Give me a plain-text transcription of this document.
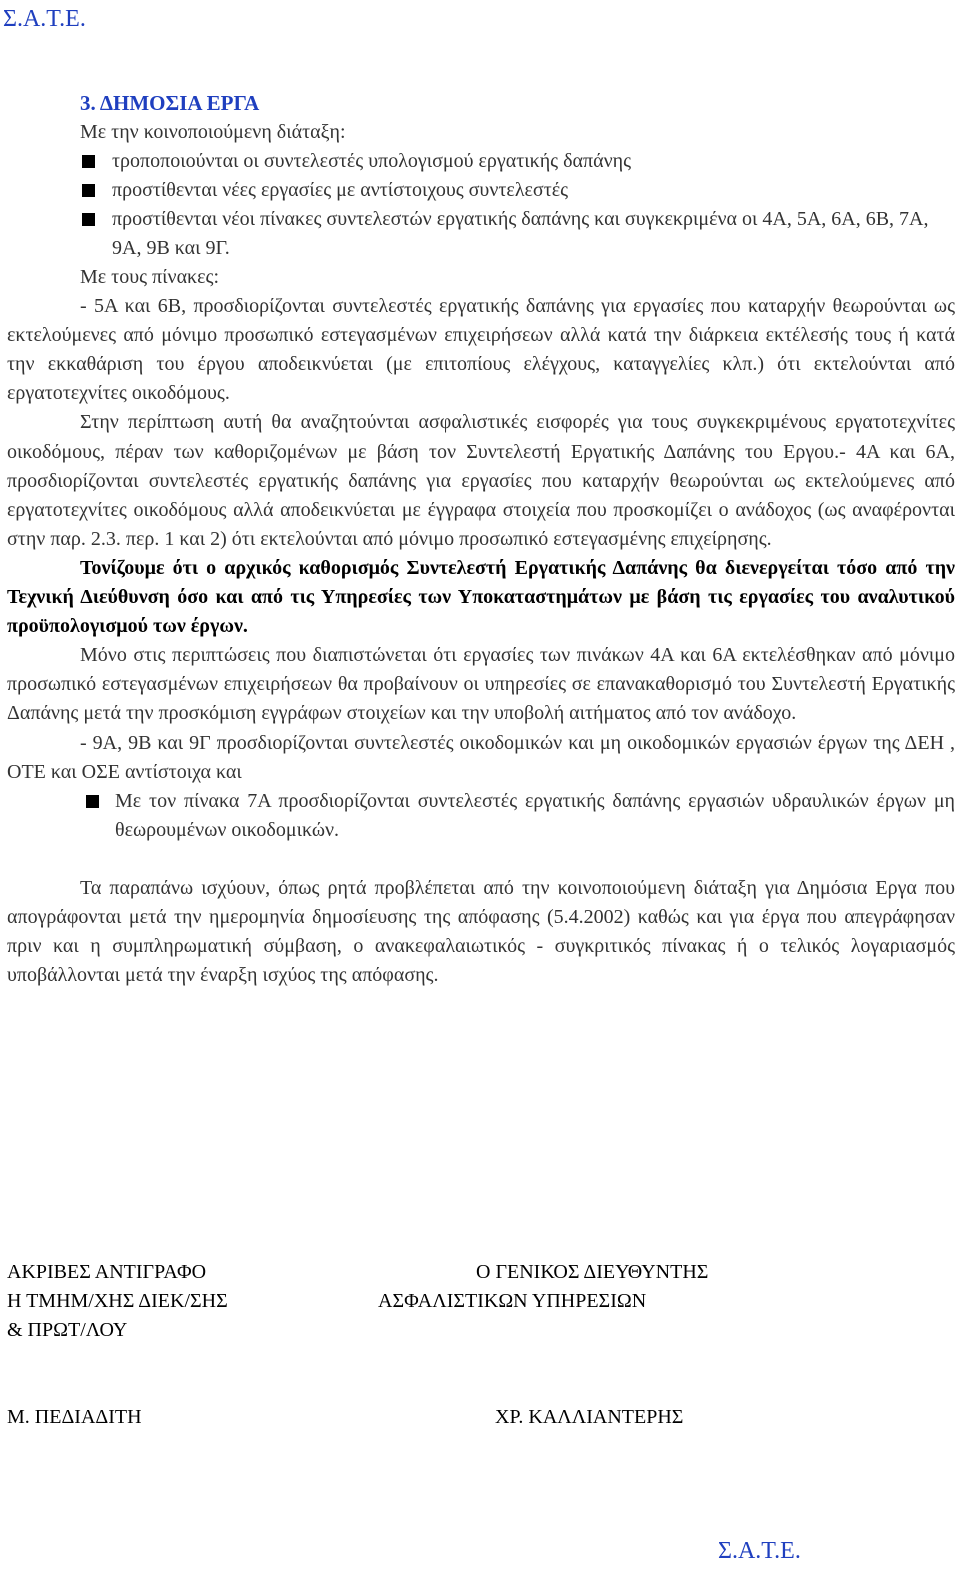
Σ.Α.Τ.Ε.
3. ΔΗΜΟΣΙΑ ΕΡΓΑ
Με την κοινοποιούμενη διάταξη:
τροποποιούνται οι συντελεστές υπολογισμού εργατικής δαπάνης
προστίθενται νέες εργασίες με αντίστοιχους συντελεστές
προστίθενται νέοι πίνακες συντελεστών εργατικής δαπάνης και συγκεκριμένα οι 4Α, 5Α, 6Α, 6Β, 7Α, 9Α, 9Β και 9Γ.

Με τους πίνακες:

- 5Α και 6Β, προσδιορίζονται συντελεστές εργατικής δαπάνης για εργασίες που καταρχήν θεωρούνται ως εκτελούμενες από μόνιμο προσωπικό εστεγασμένων επιχειρήσεων αλλά κατά την διάρκεια εκτέλεσής τους ή κατά την εκκαθάριση του έργου αποδεικνύεται (με επιτοπίους ελέγχους, καταγγελίες κλπ.) ότι εκτελούνται από εργατοτεχνίτες οικοδόμους.

Στην περίπτωση αυτή θα αναζητούνται ασφαλιστικές εισφορές για τους συγκεκριμένους εργατοτεχνίτες οικοδόμους, πέραν των καθοριζομένων με βάση τον Συντελεστή Εργατικής Δαπάνης του Εργου.- 4Α και 6Α, προσδιορίζονται συντελεστές εργατικής δαπάνης για εργασίες που καταρχήν θεωρούνται ως εκτελούμενες από εργατοτεχνίτες οικοδόμους αλλά αποδεικνύεται με έγγραφα στοιχεία που προσκομίζει ο ανάδοχος (ως αναφέρονται στην παρ. 2.3. περ. 1 και 2) ότι εκτελούνται από μόνιμο προσωπικό εστεγασμένης επιχείρησης.

Τονίζουμε ότι ο αρχικός καθορισμός Συντελεστή Εργατικής Δαπάνης θα διενεργείται τόσο από την Τεχνική Διεύθυνση όσο και από τις Υπηρεσίες των Υποκαταστημάτων με βάση τις εργασίες του αναλυτικού προϋπολογισμού των έργων.

Μόνο στις περιπτώσεις που διαπιστώνεται ότι εργασίες των πινάκων 4Α και 6Α εκτελέσθηκαν από μόνιμο προσωπικό εστεγασμένων επιχειρήσεων θα προβαίνουν οι υπηρεσίες σε επανακαθορισμό του Συντελεστή Εργατικής Δαπάνης μετά την προσκόμιση εγγράφων στοιχείων και την υποβολή αιτήματος από τον ανάδοχο.

- 9Α, 9Β και 9Γ προσδιορίζονται συντελεστές οικοδομικών και μη οικοδομικών εργασιών έργων της ΔΕΗ , ΟΤΕ και ΟΣΕ αντίστοιχα και

Με τον πίνακα 7Α προσδιορίζονται συντελεστές εργατικής δαπάνης εργασιών υδραυλικών έργων μη θεωρουμένων οικοδομικών.

Τα παραπάνω ισχύουν, όπως ρητά προβλέπεται από την κοινοποιούμενη διάταξη για Δημόσια Εργα που απογράφονται μετά την ημερομηνία δημοσίευσης της απόφασης (5.4.2002) καθώς και για έργα που απεγράφησαν πριν και η συμπληρωματική σύμβαση, ο ανακεφαλαιωτικός - συγκριτικός πίνακας ή ο τελικός λογαριασμός υποβάλλονται μετά την έναρξη ισχύος της απόφασης.

ΑΚΡΙΒΕΣ ΑΝΤΙΓΡΑΦΟ
Η ΤΜΗΜ/ΧΗΣ ΔΙΕΚ/ΣΗΣ
& ΠΡΩΤ/ΛΟΥ
Μ. ΠΕΔΙΑΔΙΤΗ
Ο ΓΕΝΙΚΟΣ ΔΙΕΥΘΥΝΤΗΣ
ΑΣΦΑΛΙΣΤΙΚΩΝ ΥΠΗΡΕΣΙΩΝ
ΧΡ. ΚΑΛΛΙΑΝΤΕΡΗΣ
Σ.Α.Τ.Ε.
